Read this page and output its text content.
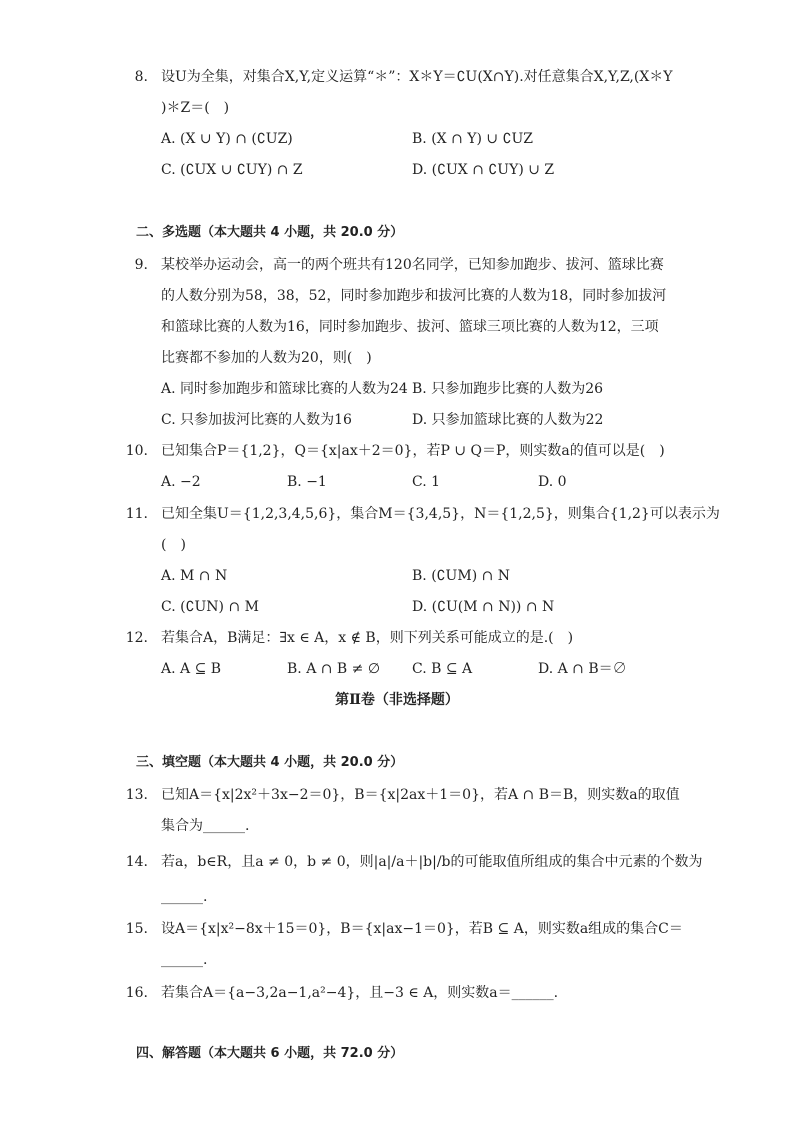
8. 设U为全集，对集合X,Y,定义运算“＊”：X＊Y＝∁U(X∩Y).对任意集合X,Y,Z,(X＊Y
)＊Z＝(　)
A. (X ∪ Y) ∩ (∁UZ)	B. (X ∩ Y) ∪ ∁UZ
C. (∁UX ∪ ∁UY) ∩ Z	D. (∁UX ∩ ∁UY) ∪ Z
二、多选题（本大题共 4 小题，共 20.0 分）
9. 某校举办运动会，高一的两个班共有120名同学，已知参加跑步、拔河、篮球比赛
的人数分别为58，38，52，同时参加跑步和拔河比赛的人数为18，同时参加拔河
和篮球比赛的人数为16，同时参加跑步、拔河、篮球三项比赛的人数为12，三项
比赛都不参加的人数为20，则(　)
A. 同时参加跑步和篮球比赛的人数为24 B. 只参加跑步比赛的人数为26
C. 只参加拔河比赛的人数为16	D. 只参加篮球比赛的人数为22
10. 已知集合P＝{1,2}，Q＝{x|ax＋2＝0}，若P ∪ Q＝P，则实数a的值可以是(　)
A. −2	B. −1	C. 1	D. 0
11. 已知全集U＝{1,2,3,4,5,6}，集合M＝{3,4,5}，N＝{1,2,5}，则集合{1,2}可以表示为
(　)
A. M ∩ N	B. (∁UM) ∩ N
C. (∁UN) ∩ M	D. (∁U(M ∩ N)) ∩ N
12. 若集合A，B满足：∃x ∈ A，x ∉ B，则下列关系可能成立的是.(　)
A. A ⊆ B	B. A ∩ B ≠ ∅ C. B ⊆ A	D. A ∩ B＝∅
第Ⅱ卷（非选择题）
三、填空题（本大题共 4 小题，共 20.0 分）
13. 已知A＝{x|2x²＋3x−2＝0}，B＝{x|2ax＋1＝0}，若A ∩ B＝B，则实数a的取值
集合为______.
14. 若a，b∈R，且a ≠ 0，b ≠ 0，则|a|/a＋|b|/b的可能取值所组成的集合中元素的个数为
______.
15. 设A＝{x|x²−8x＋15＝0}，B＝{x|ax−1＝0}，若B ⊆ A，则实数a组成的集合C＝
______.
16. 若集合A＝{a−3,2a−1,a²−4}，且−3 ∈ A，则实数a＝______.
四、解答题（本大题共 6 小题，共 72.0 分）
